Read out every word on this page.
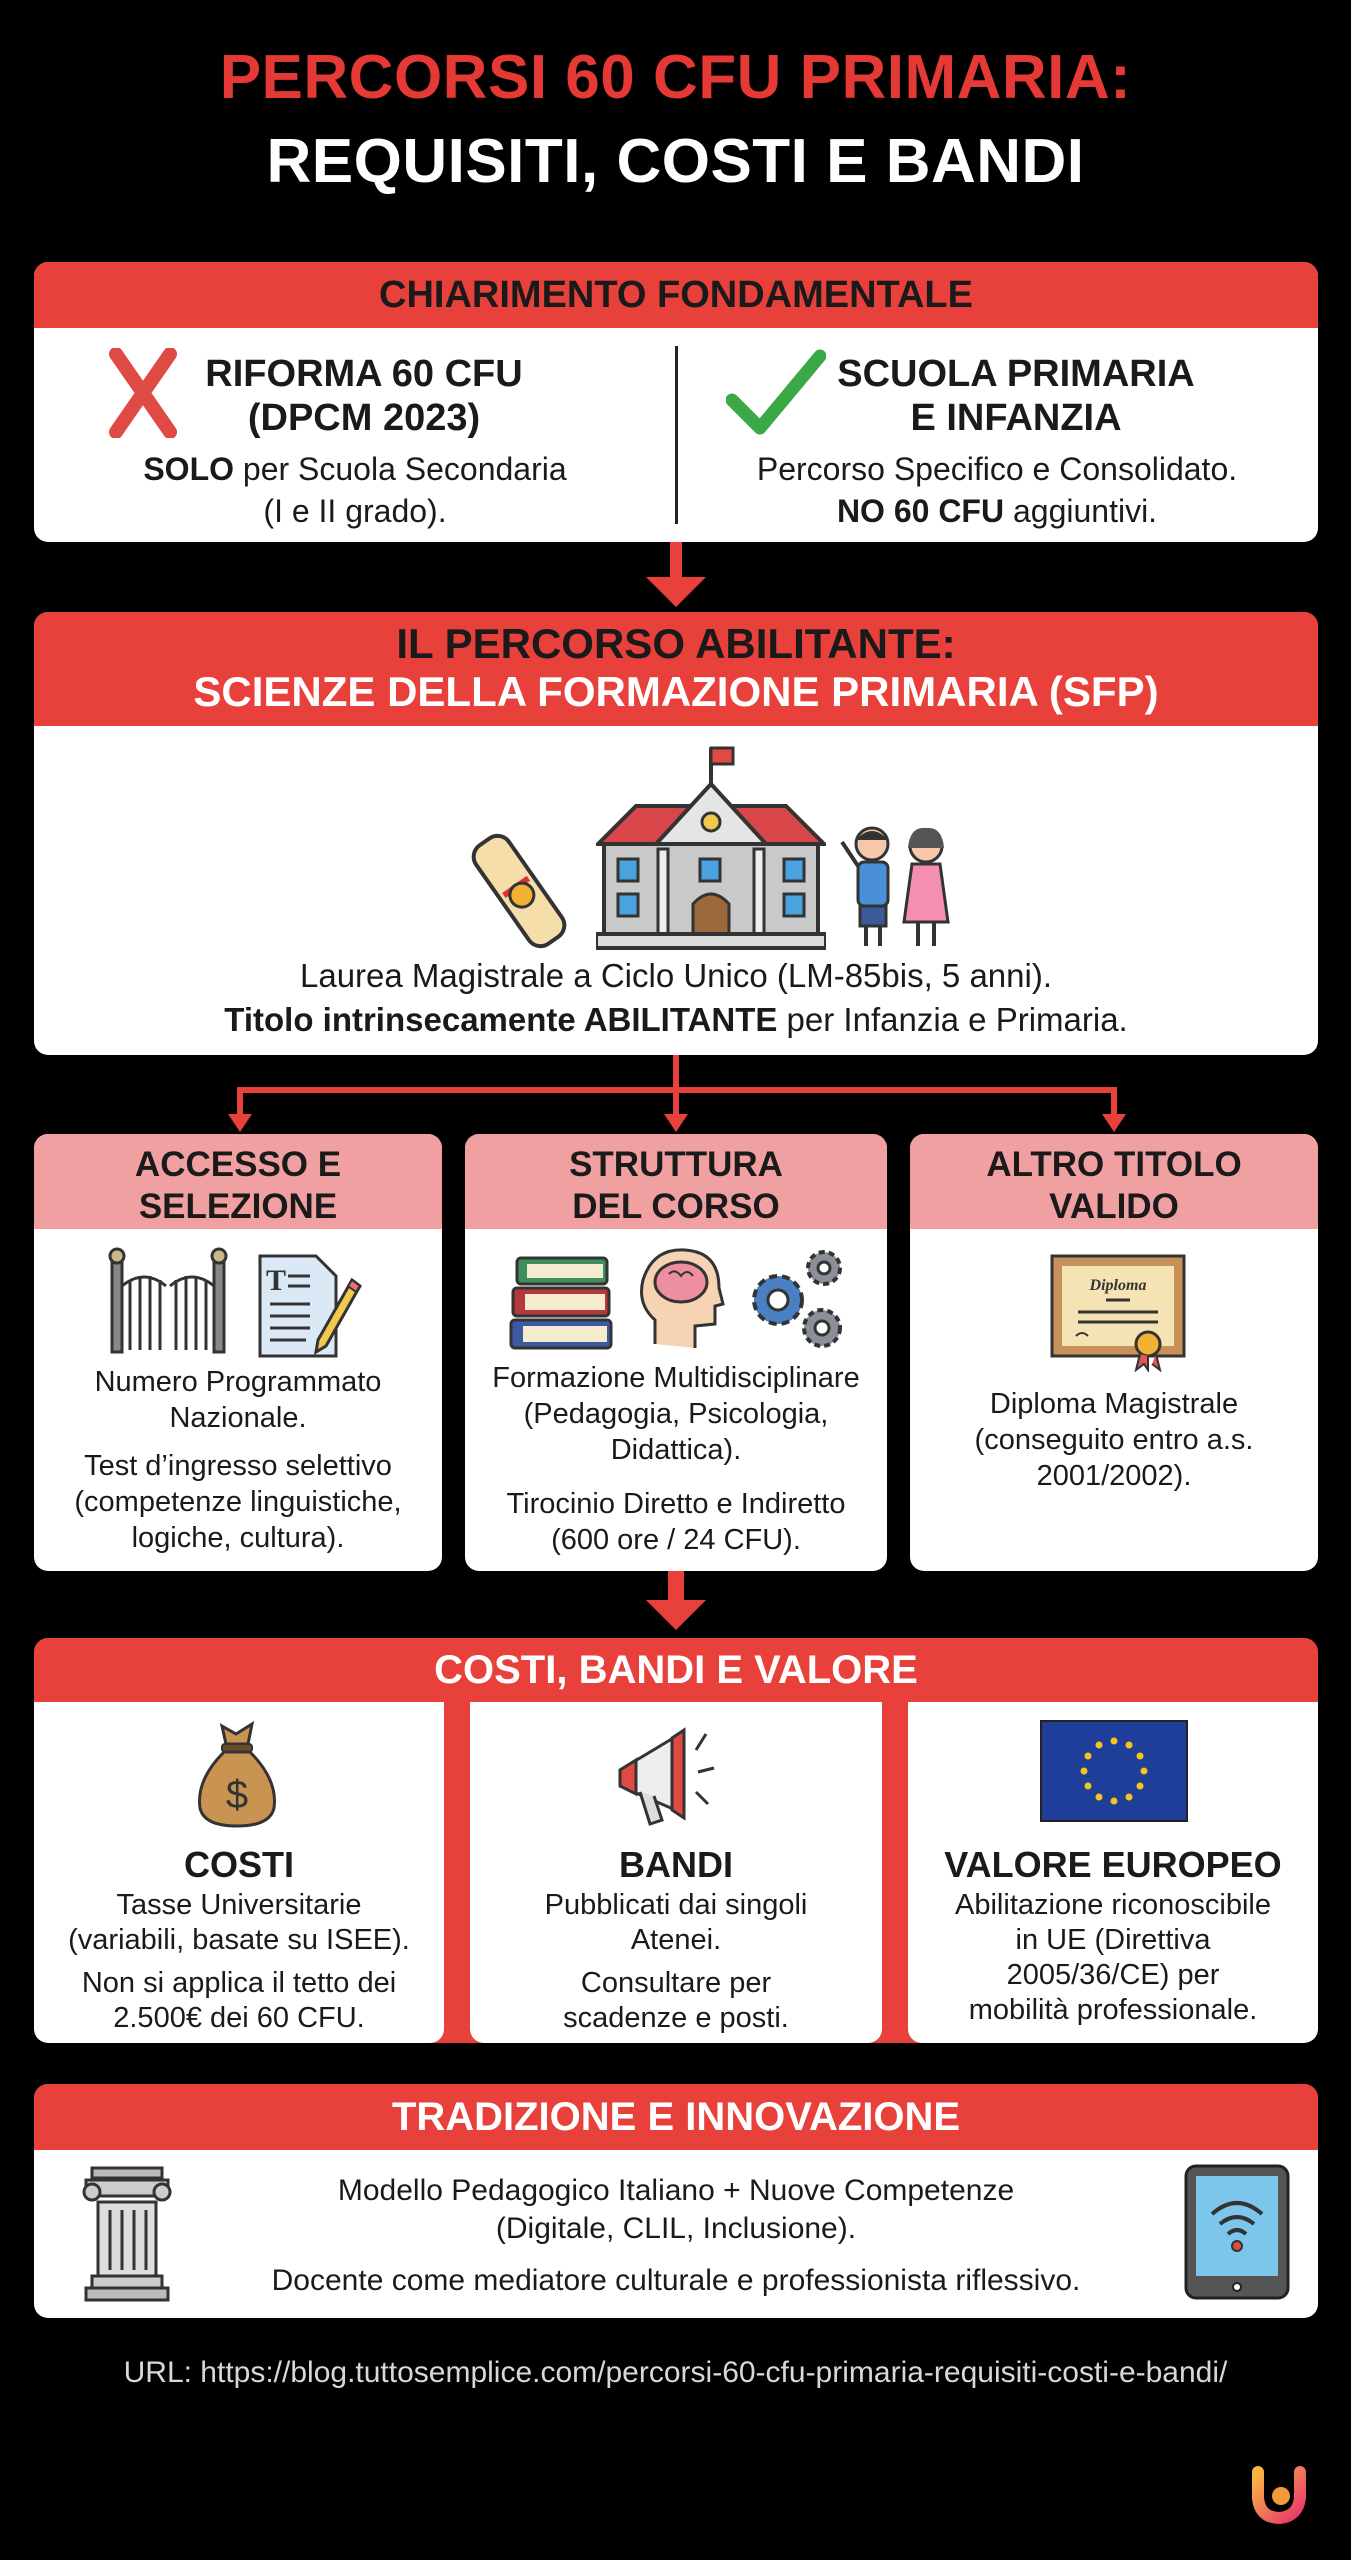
PERCORSI 60 CFU PRIMARIA:
REQUISITI, COSTI E BANDI
CHIARIMENTO FONDAMENTALE
RIFORMA 60 CFU
(DPCM 2023)

SOLO per Scuola Secondaria
(I e II grado).

SCUOLA PRIMARIA
E INFANZIA

Percorso Specifico e Consolidato.
NO 60 CFU aggiuntivi.

IL PERCORSO ABILITANTE:
SCIENZE DELLA FORMAZIONE PRIMARIA (SFP)
Laurea Magistrale a Ciclo Unico (LM-85bis, 5 anni).
Titolo intrinsecamente ABILITANTE per Infanzia e Primaria.
ACCESSO E
SELEZIONE
T

Numero Programmato
Nazionale.

Test d’ingresso selettivo
(competenze linguistiche,
logiche, cultura).

STRUTTURA
DEL CORSO

Formazione Multidisciplinare
(Pedagogia, Psicologia,
Didattica).

Tirocinio Diretto e Indiretto
(600 ore / 24 CFU).

ALTRO TITOLO
VALIDO
Diploma

Diploma Magistrale
(conseguito entro a.s.
2001/2002).

COSTI, BANDI E VALORE
$
COSTI

Tasse Universitarie
(variabili, basate su ISEE).

Non si applica il tetto dei
2.500€ dei 60 CFU.

BANDI

Pubblicati dai singoli
Atenei.

Consultare per
scadenze e posti.

VALORE EUROPEO

Abilitazione riconoscibile
in UE (Direttiva
2005/36/CE) per
mobilità professionale.

TRADIZIONE E INNOVAZIONE
Modello Pedagogico Italiano + Nuove Competenze
(Digitale, CLIL, Inclusione).
Docente come mediatore culturale e professionista riflessivo.
URL: https://blog.tuttosemplice.com/percorsi-60-cfu-primaria-requisiti-costi-e-bandi/
